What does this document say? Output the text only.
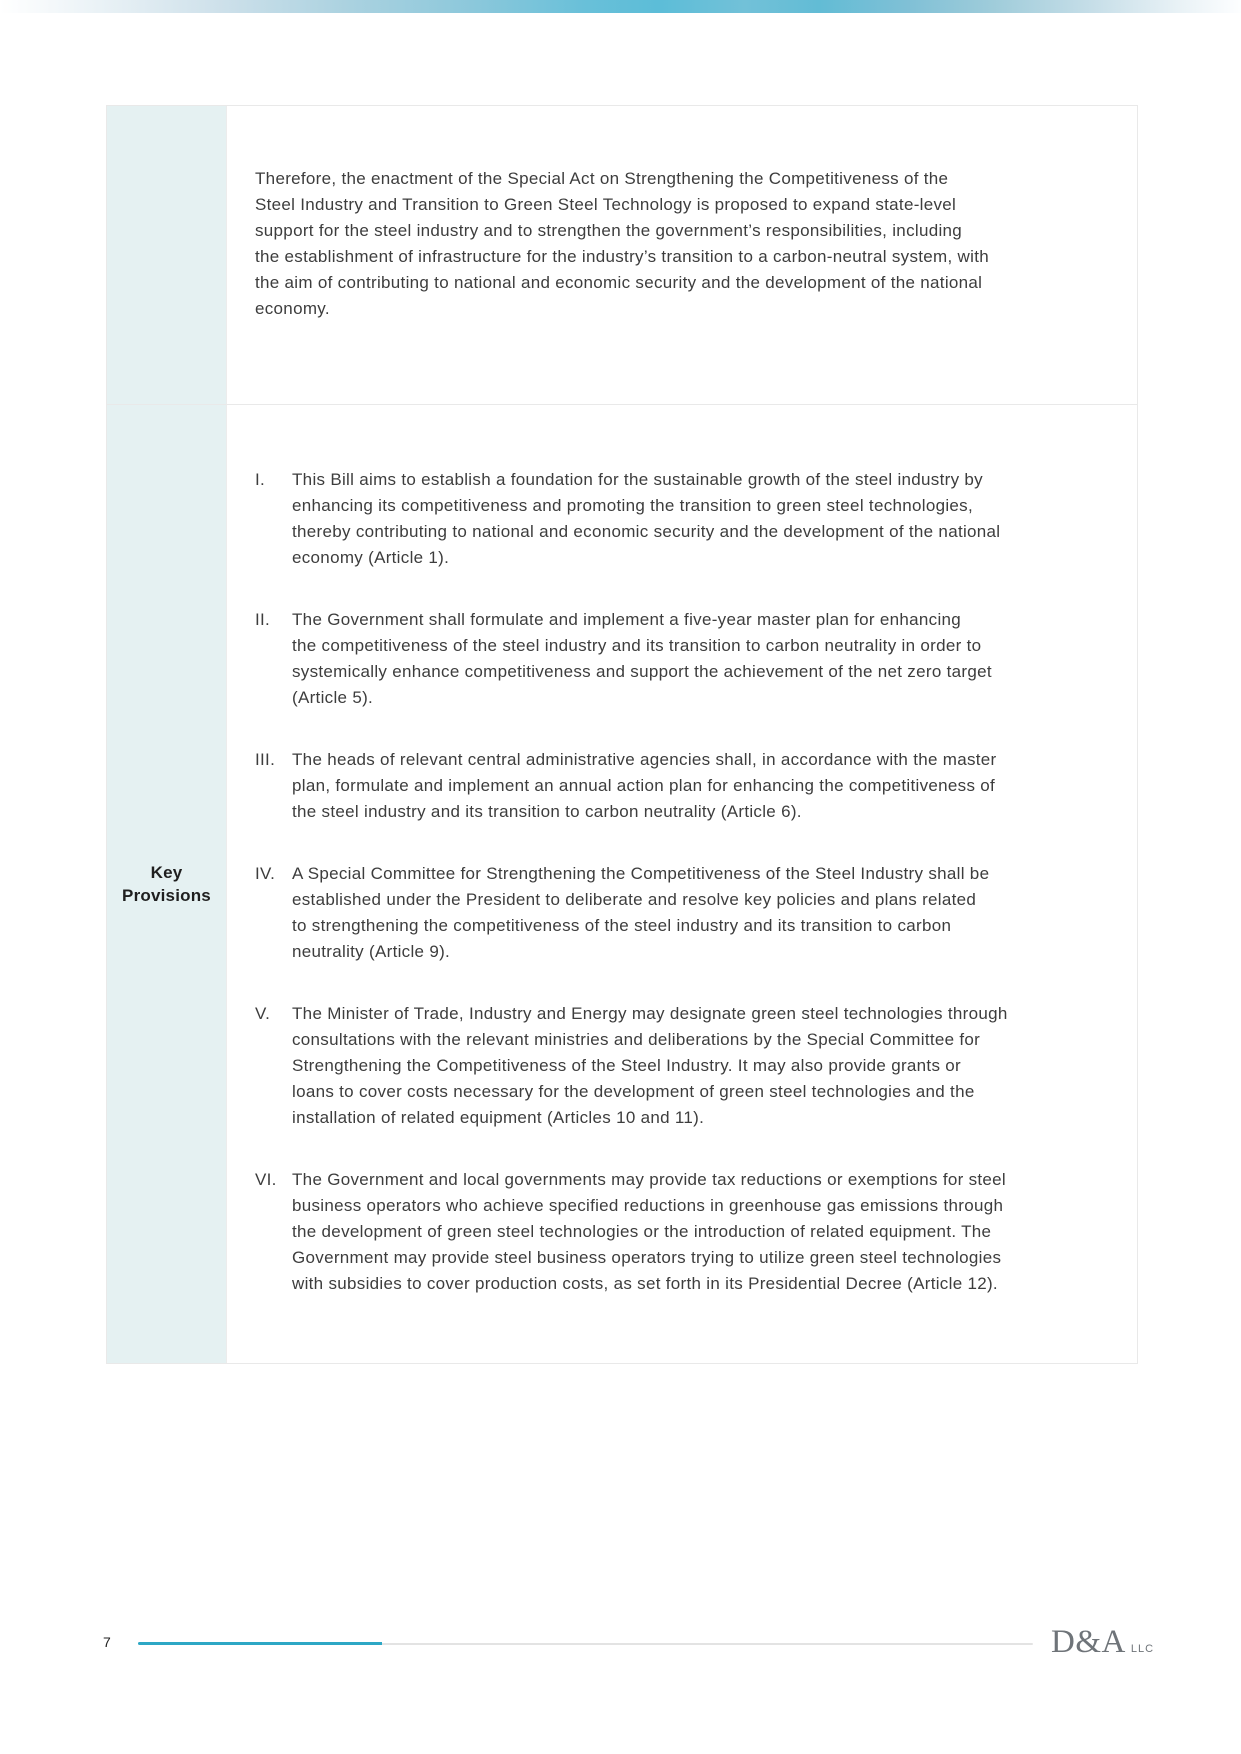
Therefore, the enactment of the Special Act on Strengthening the Competitiveness of the
Steel Industry and Transition to Green Steel Technology is proposed to expand state-level
support for the steel industry and to strengthen the government’s responsibilities, including
the establishment of infrastructure for the industry’s transition to a carbon-neutral system, with
the aim of contributing to national and economic security and the development of the national
economy.
Key Provisions
I.	This Bill aims to establish a foundation for the sustainable growth of the steel industry by
enhancing its competitiveness and promoting the transition to green steel technologies,
thereby contributing to national and economic security and the development of the national
economy (Article 1).
II.	The Government shall formulate and implement a five-year master plan for enhancing
the competitiveness of the steel industry and its transition to carbon neutrality in order to
systemically enhance competitiveness and support the achievement of the net zero target
(Article 5).
III. The heads of relevant central administrative agencies shall, in accordance with the master
plan, formulate and implement an annual action plan for enhancing the competitiveness of
the steel industry and its transition to carbon neutrality (Article 6).
IV. A Special Committee for Strengthening the Competitiveness of the Steel Industry shall be
established under the President to deliberate and resolve key policies and plans related
to strengthening the competitiveness of the steel industry and its transition to carbon
neutrality (Article 9).
V.	The Minister of Trade, Industry and Energy may designate green steel technologies through
consultations with the relevant ministries and deliberations by the Special Committee for
Strengthening the Competitiveness of the Steel Industry. It may also provide grants or
loans to cover costs necessary for the development of green steel technologies and the
installation of related equipment (Articles 10 and 11).
VI. The Government and local governments may provide tax reductions or exemptions for steel
business operators who achieve specified reductions in greenhouse gas emissions through
the development of green steel technologies or the introduction of related equipment. The
Government may provide steel business operators trying to utilize green steel technologies
with subsidies to cover production costs, as set forth in its Presidential Decree (Article 12).
7	D&A LLC
